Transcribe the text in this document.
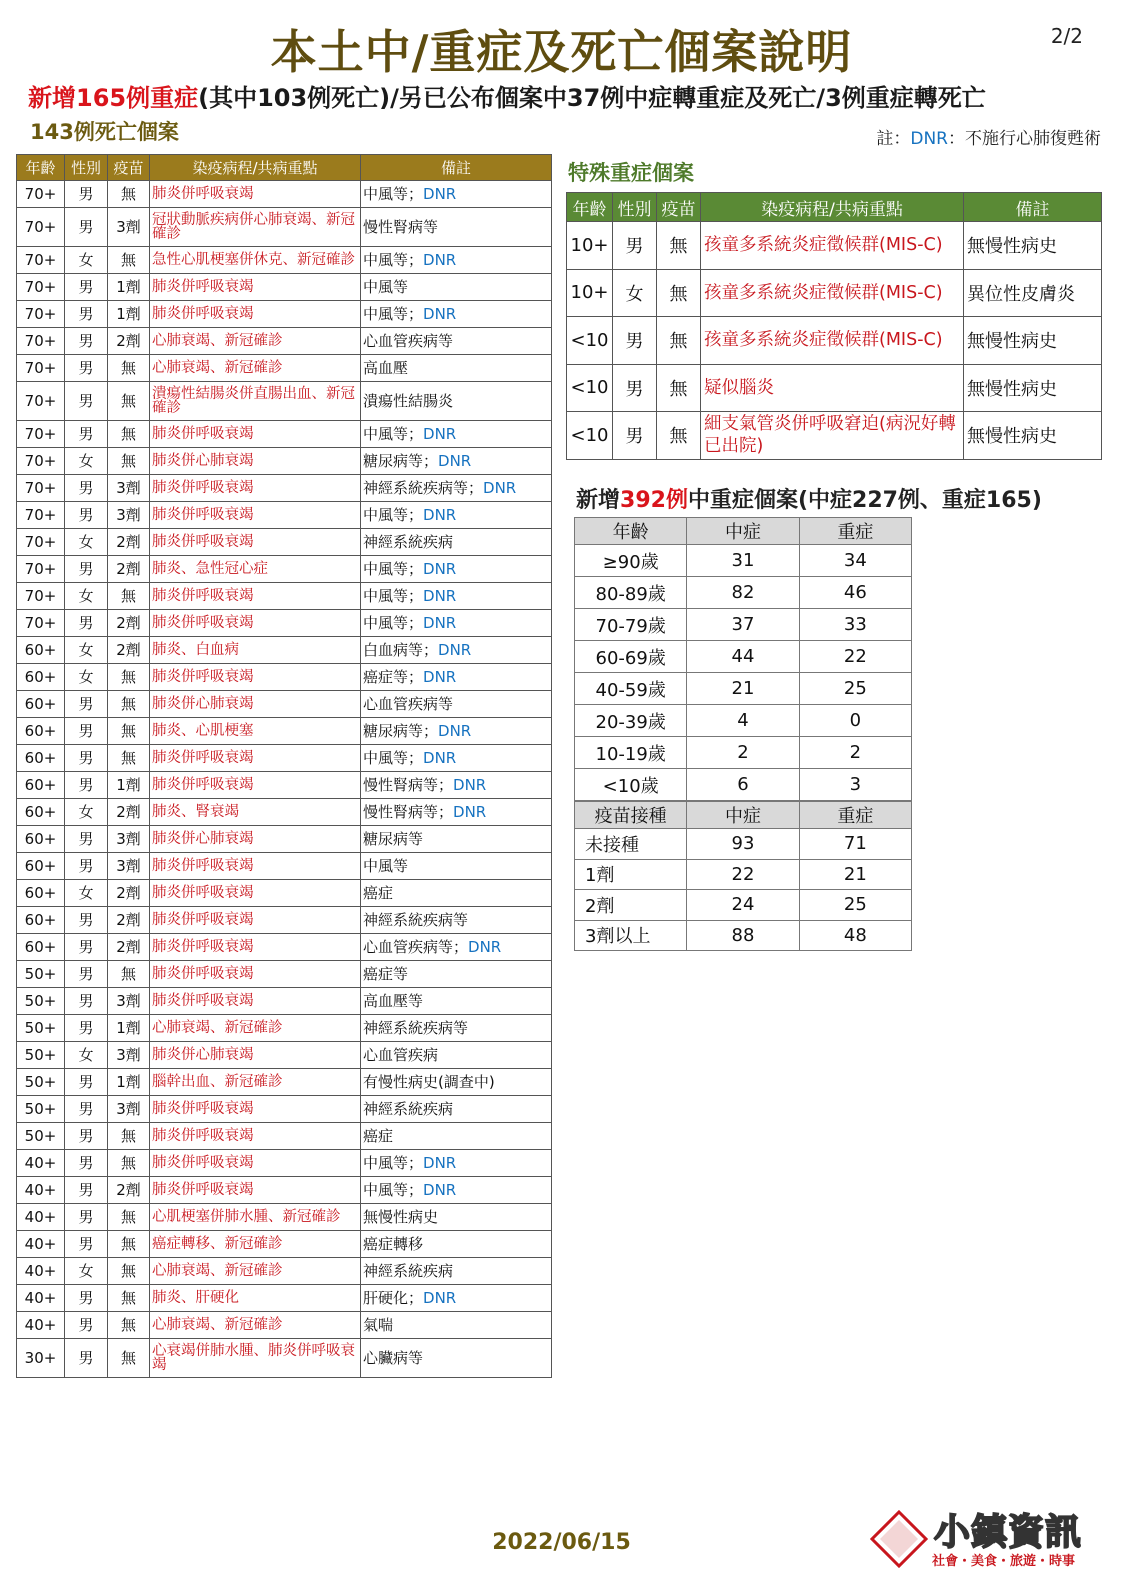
本土中/重症及死亡個案說明	2/2
新增165例重症(其中103例死亡)/另已公布個案中37例中症轉重症及死亡/3例重症轉死亡
143例死亡個案	註：DNR：不施行心肺復甦術
年齡	性別	疫苗	染疫病程/共病重點	備註
70+	男	無	肺炎併呼吸衰竭	中風等；DNR
70+	男	3劑	冠狀動脈疾病併心肺衰竭、新冠確診	慢性腎病等
70+	女	無	急性心肌梗塞併休克、新冠確診	中風等；DNR
70+	男	1劑	肺炎併呼吸衰竭	中風等
70+	男	1劑	肺炎併呼吸衰竭	中風等；DNR
70+	男	2劑	心肺衰竭、新冠確診	心血管疾病等
70+	男	無	心肺衰竭、新冠確診	高血壓
70+	男	無	潰瘍性結腸炎併直腸出血、新冠確診	潰瘍性結腸炎
70+	男	無	肺炎併呼吸衰竭	中風等；DNR
70+	女	無	肺炎併心肺衰竭	糖尿病等；DNR
70+	男	3劑	肺炎併呼吸衰竭	神經系統疾病等；DNR
70+	男	3劑	肺炎併呼吸衰竭	中風等；DNR
70+	女	2劑	肺炎併呼吸衰竭	神經系統疾病
70+	男	2劑	肺炎、急性冠心症	中風等；DNR
70+	女	無	肺炎併呼吸衰竭	中風等；DNR
70+	男	2劑	肺炎併呼吸衰竭	中風等；DNR
60+	女	2劑	肺炎、白血病	白血病等；DNR
60+	女	無	肺炎併呼吸衰竭	癌症等；DNR
60+	男	無	肺炎併心肺衰竭	心血管疾病等
60+	男	無	肺炎、心肌梗塞	糖尿病等；DNR
60+	男	無	肺炎併呼吸衰竭	中風等；DNR
60+	男	1劑	肺炎併呼吸衰竭	慢性腎病等；DNR
60+	女	2劑	肺炎、腎衰竭	慢性腎病等；DNR
60+	男	3劑	肺炎併心肺衰竭	糖尿病等
60+	男	3劑	肺炎併呼吸衰竭	中風等
60+	女	2劑	肺炎併呼吸衰竭	癌症
60+	男	2劑	肺炎併呼吸衰竭	神經系統疾病等
60+	男	2劑	肺炎併呼吸衰竭	心血管疾病等；DNR
50+	男	無	肺炎併呼吸衰竭	癌症等
50+	男	3劑	肺炎併呼吸衰竭	高血壓等
50+	男	1劑	心肺衰竭、新冠確診	神經系統疾病等
50+	女	3劑	肺炎併心肺衰竭	心血管疾病
50+	男	1劑	腦幹出血、新冠確診	有慢性病史(調查中)
50+	男	3劑	肺炎併呼吸衰竭	神經系統疾病
50+	男	無	肺炎併呼吸衰竭	癌症
40+	男	無	肺炎併呼吸衰竭	中風等；DNR
40+	男	2劑	肺炎併呼吸衰竭	中風等；DNR
40+	男	無	心肌梗塞併肺水腫、新冠確診	無慢性病史
40+	男	無	癌症轉移、新冠確診	癌症轉移
40+	女	無	心肺衰竭、新冠確診	神經系統疾病
40+	男	無	肺炎、肝硬化	肝硬化；DNR
40+	男	無	心肺衰竭、新冠確診	氣喘
30+	男	無	心衰竭併肺水腫、肺炎併呼吸衰竭	心臟病等
特殊重症個案
年齡	性別	疫苗	染疫病程/共病重點	備註
10+	男	無	孩童多系統炎症徵候群(MIS-C)	無慢性病史
10+	女	無	孩童多系統炎症徵候群(MIS-C)	異位性皮膚炎
<10	男	無	孩童多系統炎症徵候群(MIS-C)	無慢性病史
<10	男	無	疑似腦炎	無慢性病史
<10	男	無	細支氣管炎併呼吸窘迫(病況好轉已出院)	無慢性病史
新增392例中重症個案(中症227例、重症165)
年齡	中症	重症
≥90歲	31	34
80-89歲	82	46
70-79歲	37	33
60-69歲	44	22
40-59歲	21	25
20-39歲	4	0
10-19歲	2	2
<10歲	6	3
疫苗接種	中症	重症
未接種	93	71
1劑	22	21
2劑	24	25
3劑以上	88	48
2022/06/15	小鎮資訊
社會・美食・旅遊・時事
